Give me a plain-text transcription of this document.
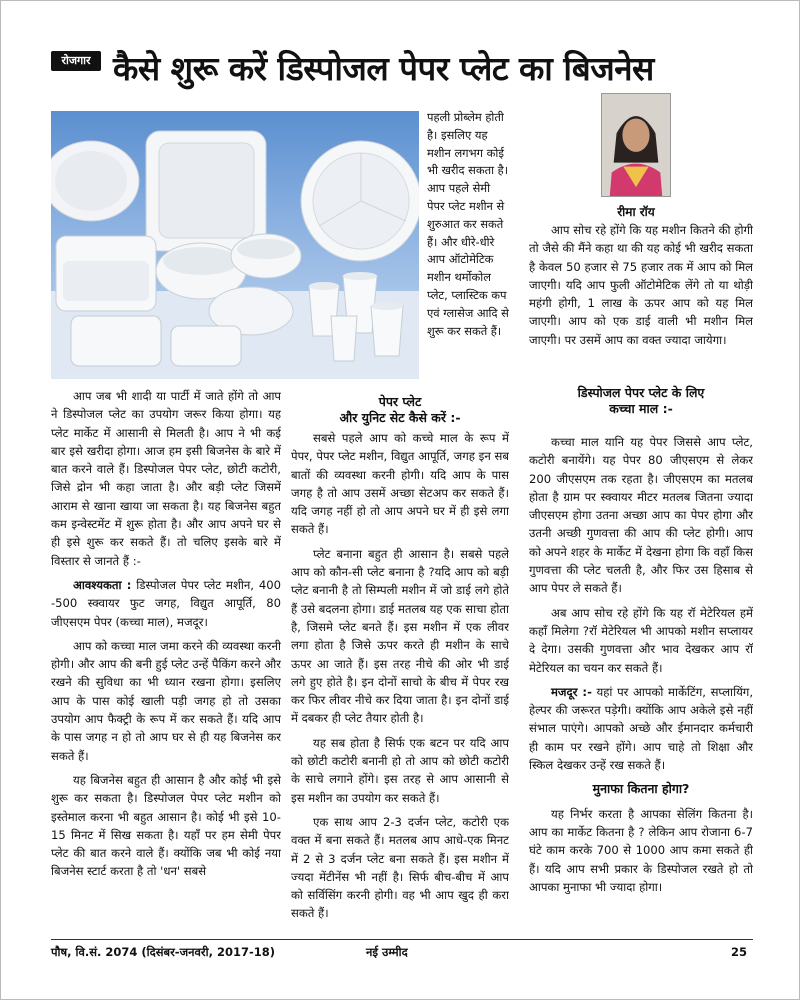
रोजगार कैसे शुरू करें डिस्पोजल पेपर प्लेट का बिजनेस
पहली प्रोब्लेम होती है। इसलिए यह मशीन लगभग कोई भी खरीद सकता है। आप पहले सेमी पेपर प्लेट मशीन से शुरुआत कर सकते हैं। और धीरे-धीरे आप ऑटोमेटिक मशीन थर्मोकोल प्लेट, प्लास्टिक कप एवं ग्लासेज आदि से शुरू कर सकते हैं।
रीमा रॉय

आप जब भी शादी या पार्टी में जाते होंगे तो आप ने डिस्पोजल प्लेट का उपयोग जरूर किया होगा। यह प्लेट मार्केट में आसानी से मिलती है। आप ने भी कई बार इसे खरीदा होगा। आज हम इसी बिजनेस के बारे में बात करने वाले हैं। डिस्पोजल पेपर प्लेट, छोटी कटोरी, जिसे द्रोन भी कहा जाता है। और बड़ी प्लेट जिसमें आराम से खाना खाया जा सकता है। यह बिजनेस बहुत कम इन्वेस्टमेंट में शुरू होता है। और आप अपने घर से ही इसे शुरू कर सकते हैं। तो चलिए इसके बारे में विस्तार से जानते हैं :-

आवश्यकता : डिस्पोजल पेपर प्लेट मशीन, 400 -500 स्क्वायर फुट जगह, विद्युत आपूर्ति, 80 जीएसएम पेपर (कच्चा माल), मजदूर।

आप को कच्चा माल जमा करने की व्यवस्था करनी होगी। और आप की बनी हुई प्लेट उन्हें पैकिंग करने और रखने की सुविधा का भी ध्यान रखना होगा। इसलिए आप के पास कोई खाली पड़ी जगह हो तो उसका उपयोग आप फैक्ट्री के रूप में कर सकते हैं। यदि आप के पास जगह न हो तो आप घर से ही यह बिजनेस कर सकते हैं।

यह बिजनेस बहुत ही आसान है और कोई भी इसे शुरू कर सकता है। डिस्पोजल पेपर प्लेट मशीन को इस्तेमाल करना भी बहुत आसान है। कोई भी इसे 10-15 मिनट में सिख सकता है। यहाँ पर हम सेमी पेपर प्लेट की बात करने वाले हैं। क्योंकि जब भी कोई नया बिजनेस स्टार्ट करता है तो 'धन' सबसे

पेपर प्लेट
और युनिट सेट कैसे करें :-

सबसे पहले आप को कच्चे माल के रूप में पेपर, पेपर प्लेट मशीन, विद्युत आपूर्ति, जगह इन सब बातों की व्यवस्था करनी होगी। यदि आप के पास जगह है तो आप उसमें अच्छा सेटअप कर सकते हैं। यदि जगह नहीं हो तो आप अपने घर में ही इसे लगा सकते हैं।

प्लेट बनाना बहुत ही आसान है। सबसे पहले आप को कौन-सी प्लेट बनाना है ?यदि आप को बड़ी प्लेट बनानी है तो सिम्पली मशीन में जो डाई लगे होते हैं उसे बदलना होगा। डाई मतलब यह एक साचा होता है, जिसमे प्लेट बनते हैं। इस मशीन में एक लीवर लगा होता है जिसे ऊपर करते ही मशीन के साचे ऊपर आ जाते हैं। इस तरह नीचे की ओर भी डाई लगे हुए होते है। इन दोनों साचो के बीच में पेपर रख कर फिर लीवर नीचे कर दिया जाता है। इन दोनों डाई में दबकर ही प्लेट तैयार होती है।

यह सब होता है सिर्फ एक बटन पर यदि आप को छोटी कटोरी बनानी हो तो आप को छोटी कटोरी के साचे लगाने होंगे। इस तरह से आप आसानी से इस मशीन का उपयोग कर सकते हैं।

एक साथ आप 2-3 दर्जन प्लेट, कटोरी एक वक्त में बना सकते हैं। मतलब आप आधे-एक मिनट में 2 से 3 दर्जन प्लेट बना सकते हैं। इस मशीन में ज्यदा मेंटीनेंस भी नहीं है। सिर्फ बीच-बीच में आप को सर्विसिंग करनी होगी। वह भी आप खुद ही करा सकते हैं।

आप सोच रहे होंगे कि यह मशीन कितने की होगी तो जैसे की मैंने कहा था की यह कोई भी खरीद सकता है केवल 50 हजार से 75 हजार तक में आप को मिल जाएगी। यदि आप फुली ऑटोमेटिक लेंगे तो या थोड़ी महंगी होगी, 1 लाख के ऊपर आप को यह मिल जाएगी। आप को एक डाई वाली भी मशीन मिल जाएगी। पर उसमें आप का वक्त ज्यादा जायेगा।

डिस्पोजल पेपर प्लेट के लिए
कच्चा माल :-

कच्चा माल यानि यह पेपर जिससे आप प्लेट, कटोरी बनायेंगे। यह पेपर 80 जीएसएम से लेकर 200 जीएसएम तक रहता है। जीएसएम का मतलब होता है ग्राम पर स्क्वायर मीटर मतलब जितना ज्यादा जीएसएम होगा उतना अच्छा आप का पेपर होगा और उतनी अच्छी गुणवत्ता की आप की प्लेट होगी। आप को अपने शहर के मार्केट में देखना होगा कि वहाँ किस गुणवत्ता की प्लेट चलती है, और फिर उस हिसाब से आप पेपर ले सकते हैं।

अब आप सोच रहे होंगे कि यह रॉ मेटेरियल हमें कहाँ मिलेगा ?रॉ मेटेरियल भी आपको मशीन सप्लायर दे देगा। उसकी गुणवत्ता और भाव देखकर आप रॉ मेटेरियल का चयन कर सकते हैं।

मजदूर :- यहां पर आपको मार्केटिंग, सप्लायिंग, हेल्पर की जरूरत पड़ेगी। क्योंकि आप अकेले इसे नहीं संभाल पाएंगे। आपको अच्छे और ईमानदार कर्मचारी ही काम पर रखने होंगे। आप चाहे तो शिक्षा और स्किल देखकर उन्हें रख सकते हैं।

मुनाफा कितना होगा?

यह निर्भर करता है आपका सेलिंग कितना है। आप का मार्केट कितना है ? लेकिन आप रोजाना 6-7 घंटे काम करके 700 से 1000 आप कमा सकते ही हैं। यदि आप सभी प्रकार के डिस्पोजल रखते हो तो आपका मुनाफा भी ज्यादा होगा।

पौष, वि.सं. 2074 (दिसंबर-जनवरी, 2017-18)	नई उम्मीद	25
